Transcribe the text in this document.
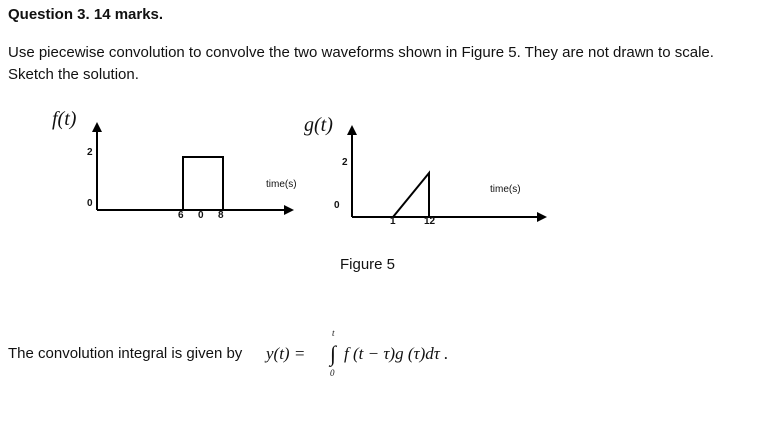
Question 3. 14 marks.
Use piecewise convolution to convolve the two waveforms shown in Figure 5. They are not drawn to scale. Sketch the solution.
f(t)	g(t)
2
0
6 0 8
time(s)
2
0
1	12
time(s)
Figure 5
The convolution integral is given by y(t) =
t
∫
0
f (t − τ)g (τ)dτ .
